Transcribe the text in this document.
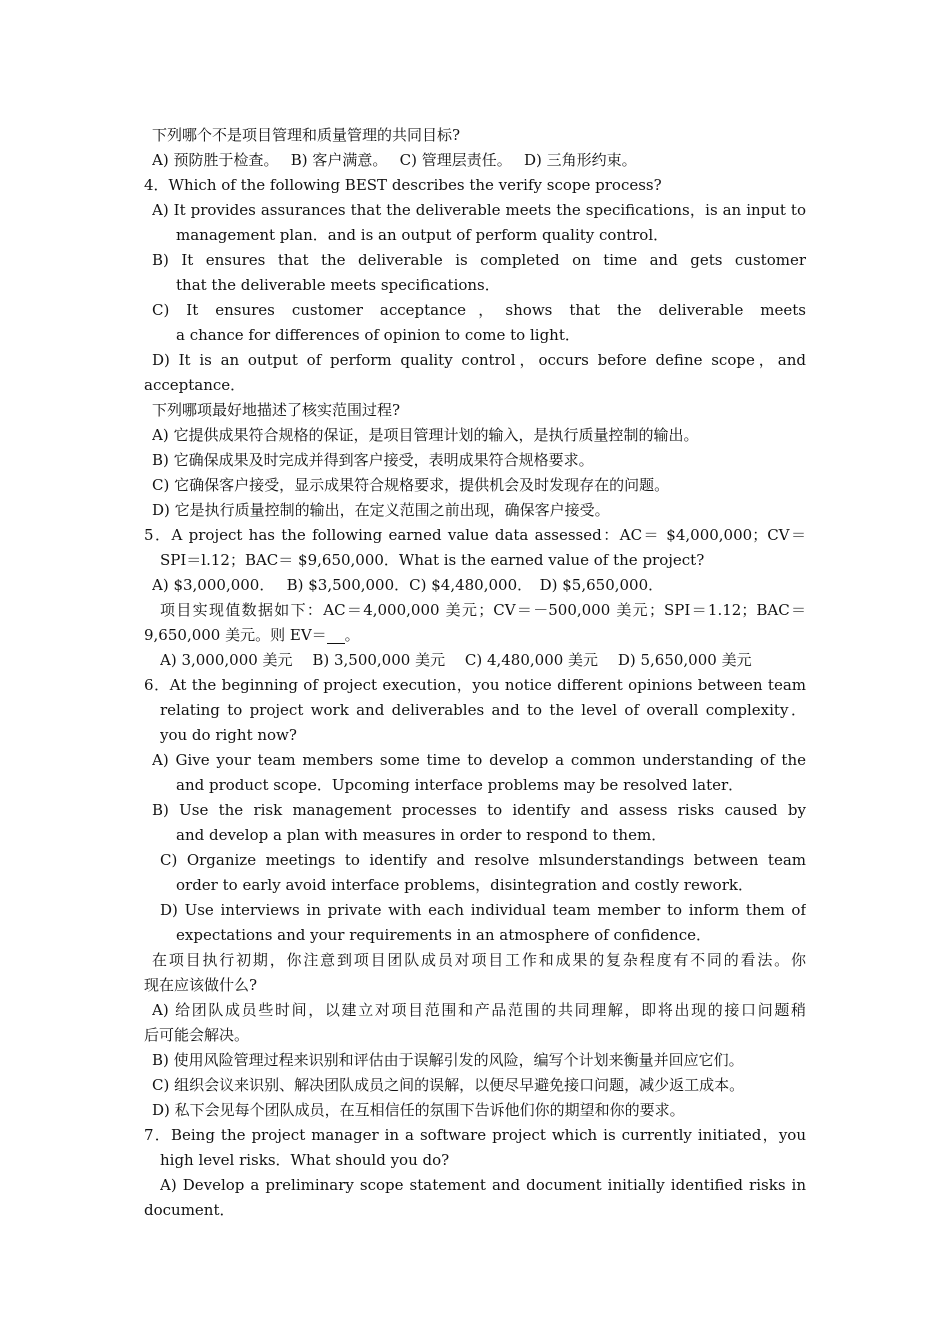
下列哪个不是项目管理和质量管理的共同目标?
A) 预防胜于检查。　 B) 客户满意。　 C) 管理层责任。　 D) 三角形约束。
4．Which of the following BEST describes the verify scope process?
A) It provides assurances that the deliverable meets the specifications，is an input to
management plan．and is an output of perform quality control．
B) It ensures that the deliverable is completed on time and gets customer
that the deliverable meets specifications．
C) It ensures customer acceptance，shows that the deliverable meets
a chance for differences of opinion to come to light．
D) It is an output of perform quality control，occurs before define scope，and
acceptance．
下列哪项最好地描述了核实范围过程?
A) 它提供成果符合规格的保证，是项目管理计划的输入，是执行质量控制的输出。
B) 它确保成果及时完成并得到客户接受，表明成果符合规格要求。
C) 它确保客户接受，显示成果符合规格要求，提供机会及时发现存在的问题。
D) 它是执行质量控制的输出，在定义范围之前出现，确保客户接受。
5．A project has the following earned value data assessed：AC＝ $4,000,000；CV＝
SPI＝l.12；BAC＝ $9,650,000．What is the earned value of the project?
A) $3,000,000．　 B) $3,500,000．C) $4,480,000．　D) $5,650,000．
项目实现值数据如下：AC＝4,000,000 美元；CV＝－500,000 美元；SPI＝1.12；BAC＝
9,650,000 美元。则 EV＝ 。
A) 3,000,000 美元　 B) 3,500,000 美元　 C) 4,480,000 美元　 D) 5,650,000 美元
6．At the beginning of project execution，you notice different opinions between team
relating to project work and deliverables and to the level of overall complexity．
you do right now?
A) Give your team members some time to develop a common understanding of the
and product scope．Upcoming interface problems may be resolved later．
B) Use the risk management processes to identify and assess risks caused by
and develop a plan with measures in order to respond to them．
C) Organize meetings to identify and resolve mlsunderstandings between team
order to early avoid interface problems，disintegration and costly rework．
D) Use interviews in private with each individual team member to inform them of
expectations and your requirements in an atmosphere of confidence．
在项目执行初期，你注意到项目团队成员对项目工作和成果的复杂程度有不同的看法。你
现在应该做什么?
A) 给团队成员些时间，以建立对项目范围和产品范围的共同理解，即将出现的接口问题稍
后可能会解决。
B) 使用风险管理过程来识别和评估由于误解引发的风险，编写个计划来衡量并回应它们。
C) 组织会议来识别、解决团队成员之间的误解，以便尽早避免接口问题，减少返工成本。
D) 私下会见每个团队成员，在互相信任的氛围下告诉他们你的期望和你的要求。
7．Being the project manager in a software project which is currently initiated，you
high level risks．What should you do?
A) Develop a preliminary scope statement and document initially identified risks in
document．
